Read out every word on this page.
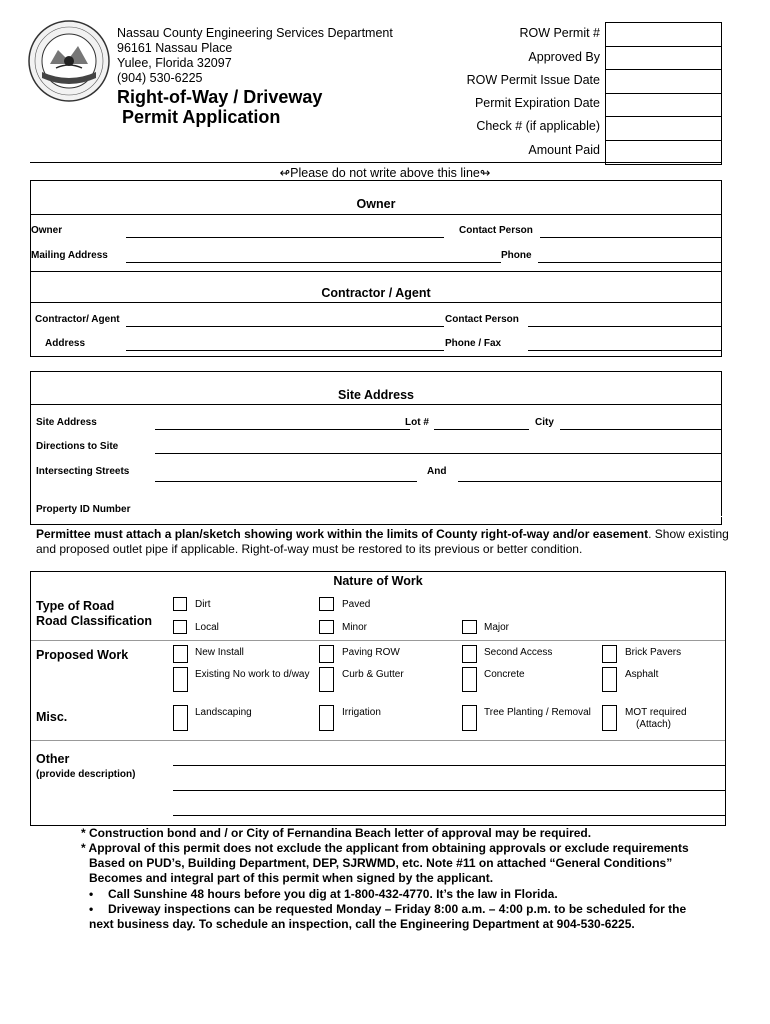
Nassau County Engineering Services Department
96161 Nassau Place
Yulee, Florida 32097
(904) 530-6225
Right-of-Way / Driveway
Permit Application
ROW Permit #
Approved By
ROW Permit Issue Date
Permit Expiration Date
Check # (if applicable)
Amount Paid
↫Please do not write above this line↬
Owner
Owner	Contact Person
Mailing Address	Phone
Contractor / Agent
Contractor/ Agent	Contact Person
Address	Phone / Fax
Site Address
Site Address	Lot #	City
Directions to Site
Intersecting Streets	And
Property ID Number
Permittee must attach a plan/sketch showing work within the limits of County right-of-way and/or easement. Show existing and proposed outlet pipe if applicable. Right-of-way must be restored to its previous or better condition.
Nature of Work
Type of Road
Road Classification
Dirt	Paved
Local	Minor	Major
Proposed Work	New Install	Paving ROW	Second Access	Brick Pavers
Existing No work to d/way	Curb & Gutter	Concrete	Asphalt
Misc.	Landscaping	Irrigation	Tree Planting / Removal	MOT required
(Attach)
Other
(provide description)
* Construction bond and / or City of Fernandina Beach letter of approval may be required.
* Approval of this permit does not exclude the applicant from obtaining approvals or exclude requirements
Based on PUD’s, Building Department, DEP, SJRWMD, etc. Note #11 on attached “General Conditions”
Becomes and integral part of this permit when signed by the applicant.
• Call Sunshine 48 hours before you dig at 1-800-432-4770. It’s the law in Florida.
• Driveway inspections can be requested Monday – Friday 8:00 a.m. – 4:00 p.m. to be scheduled for the
next business day. To schedule an inspection, call the Engineering Department at 904-530-6225.
